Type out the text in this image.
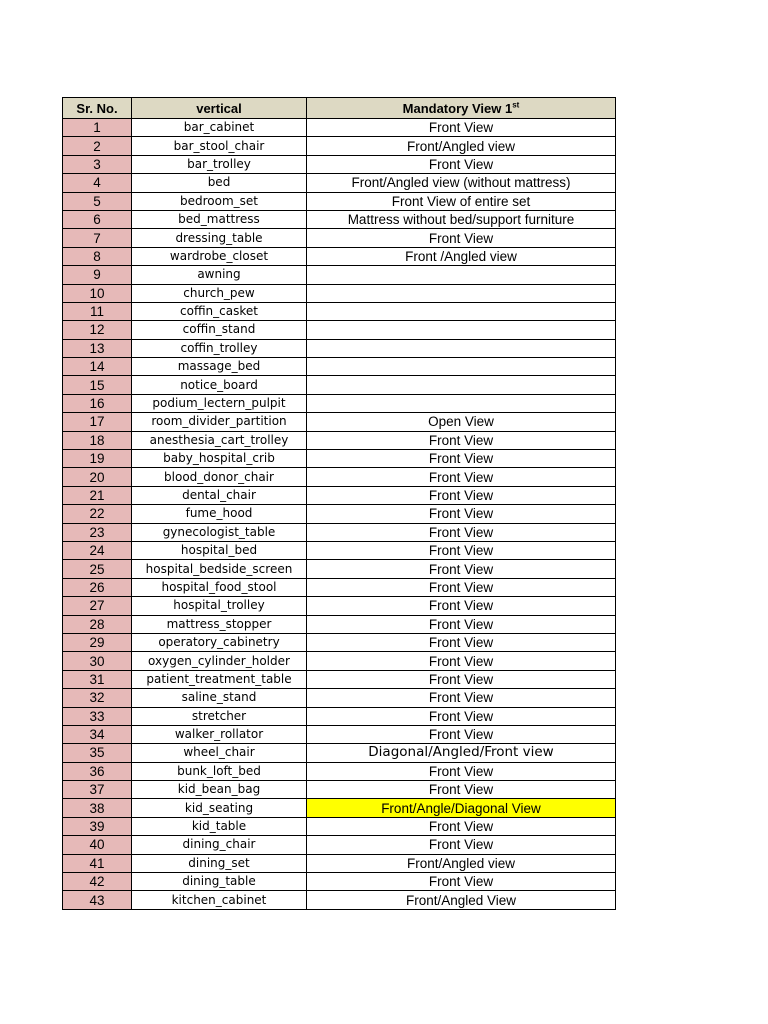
Sr. No.	vertical	Mandatory View 1st
1	bar_cabinet	Front View
2	bar_stool_chair	Front/Angled view
3	bar_trolley	Front View
4	bed	Front/Angled view (without mattress)
5	bedroom_set	Front View of entire set
6	bed_mattress	Mattress without bed/support furniture
7	dressing_table	Front View
8	wardrobe_closet	Front /Angled view
9	awning	
10	church_pew	
11	coffin_casket	
12	coffin_stand	
13	coffin_trolley	
14	massage_bed	
15	notice_board	
16	podium_lectern_pulpit	
17	room_divider_partition	Open View
18	anesthesia_cart_trolley	Front View
19	baby_hospital_crib	Front View
20	blood_donor_chair	Front View
21	dental_chair	Front View
22	fume_hood	Front View
23	gynecologist_table	Front View
24	hospital_bed	Front View
25	hospital_bedside_screen	Front View
26	hospital_food_stool	Front View
27	hospital_trolley	Front View
28	mattress_stopper	Front View
29	operatory_cabinetry	Front View
30	oxygen_cylinder_holder	Front View
31	patient_treatment_table	Front View
32	saline_stand	Front View
33	stretcher	Front View
34	walker_rollator	Front View
35	wheel_chair	Diagonal/Angled/Front view
36	bunk_loft_bed	Front View
37	kid_bean_bag	Front View
38	kid_seating	Front/Angle/Diagonal View
39	kid_table	Front View
40	dining_chair	Front View
41	dining_set	Front/Angled view
42	dining_table	Front View
43	kitchen_cabinet	Front/Angled View
